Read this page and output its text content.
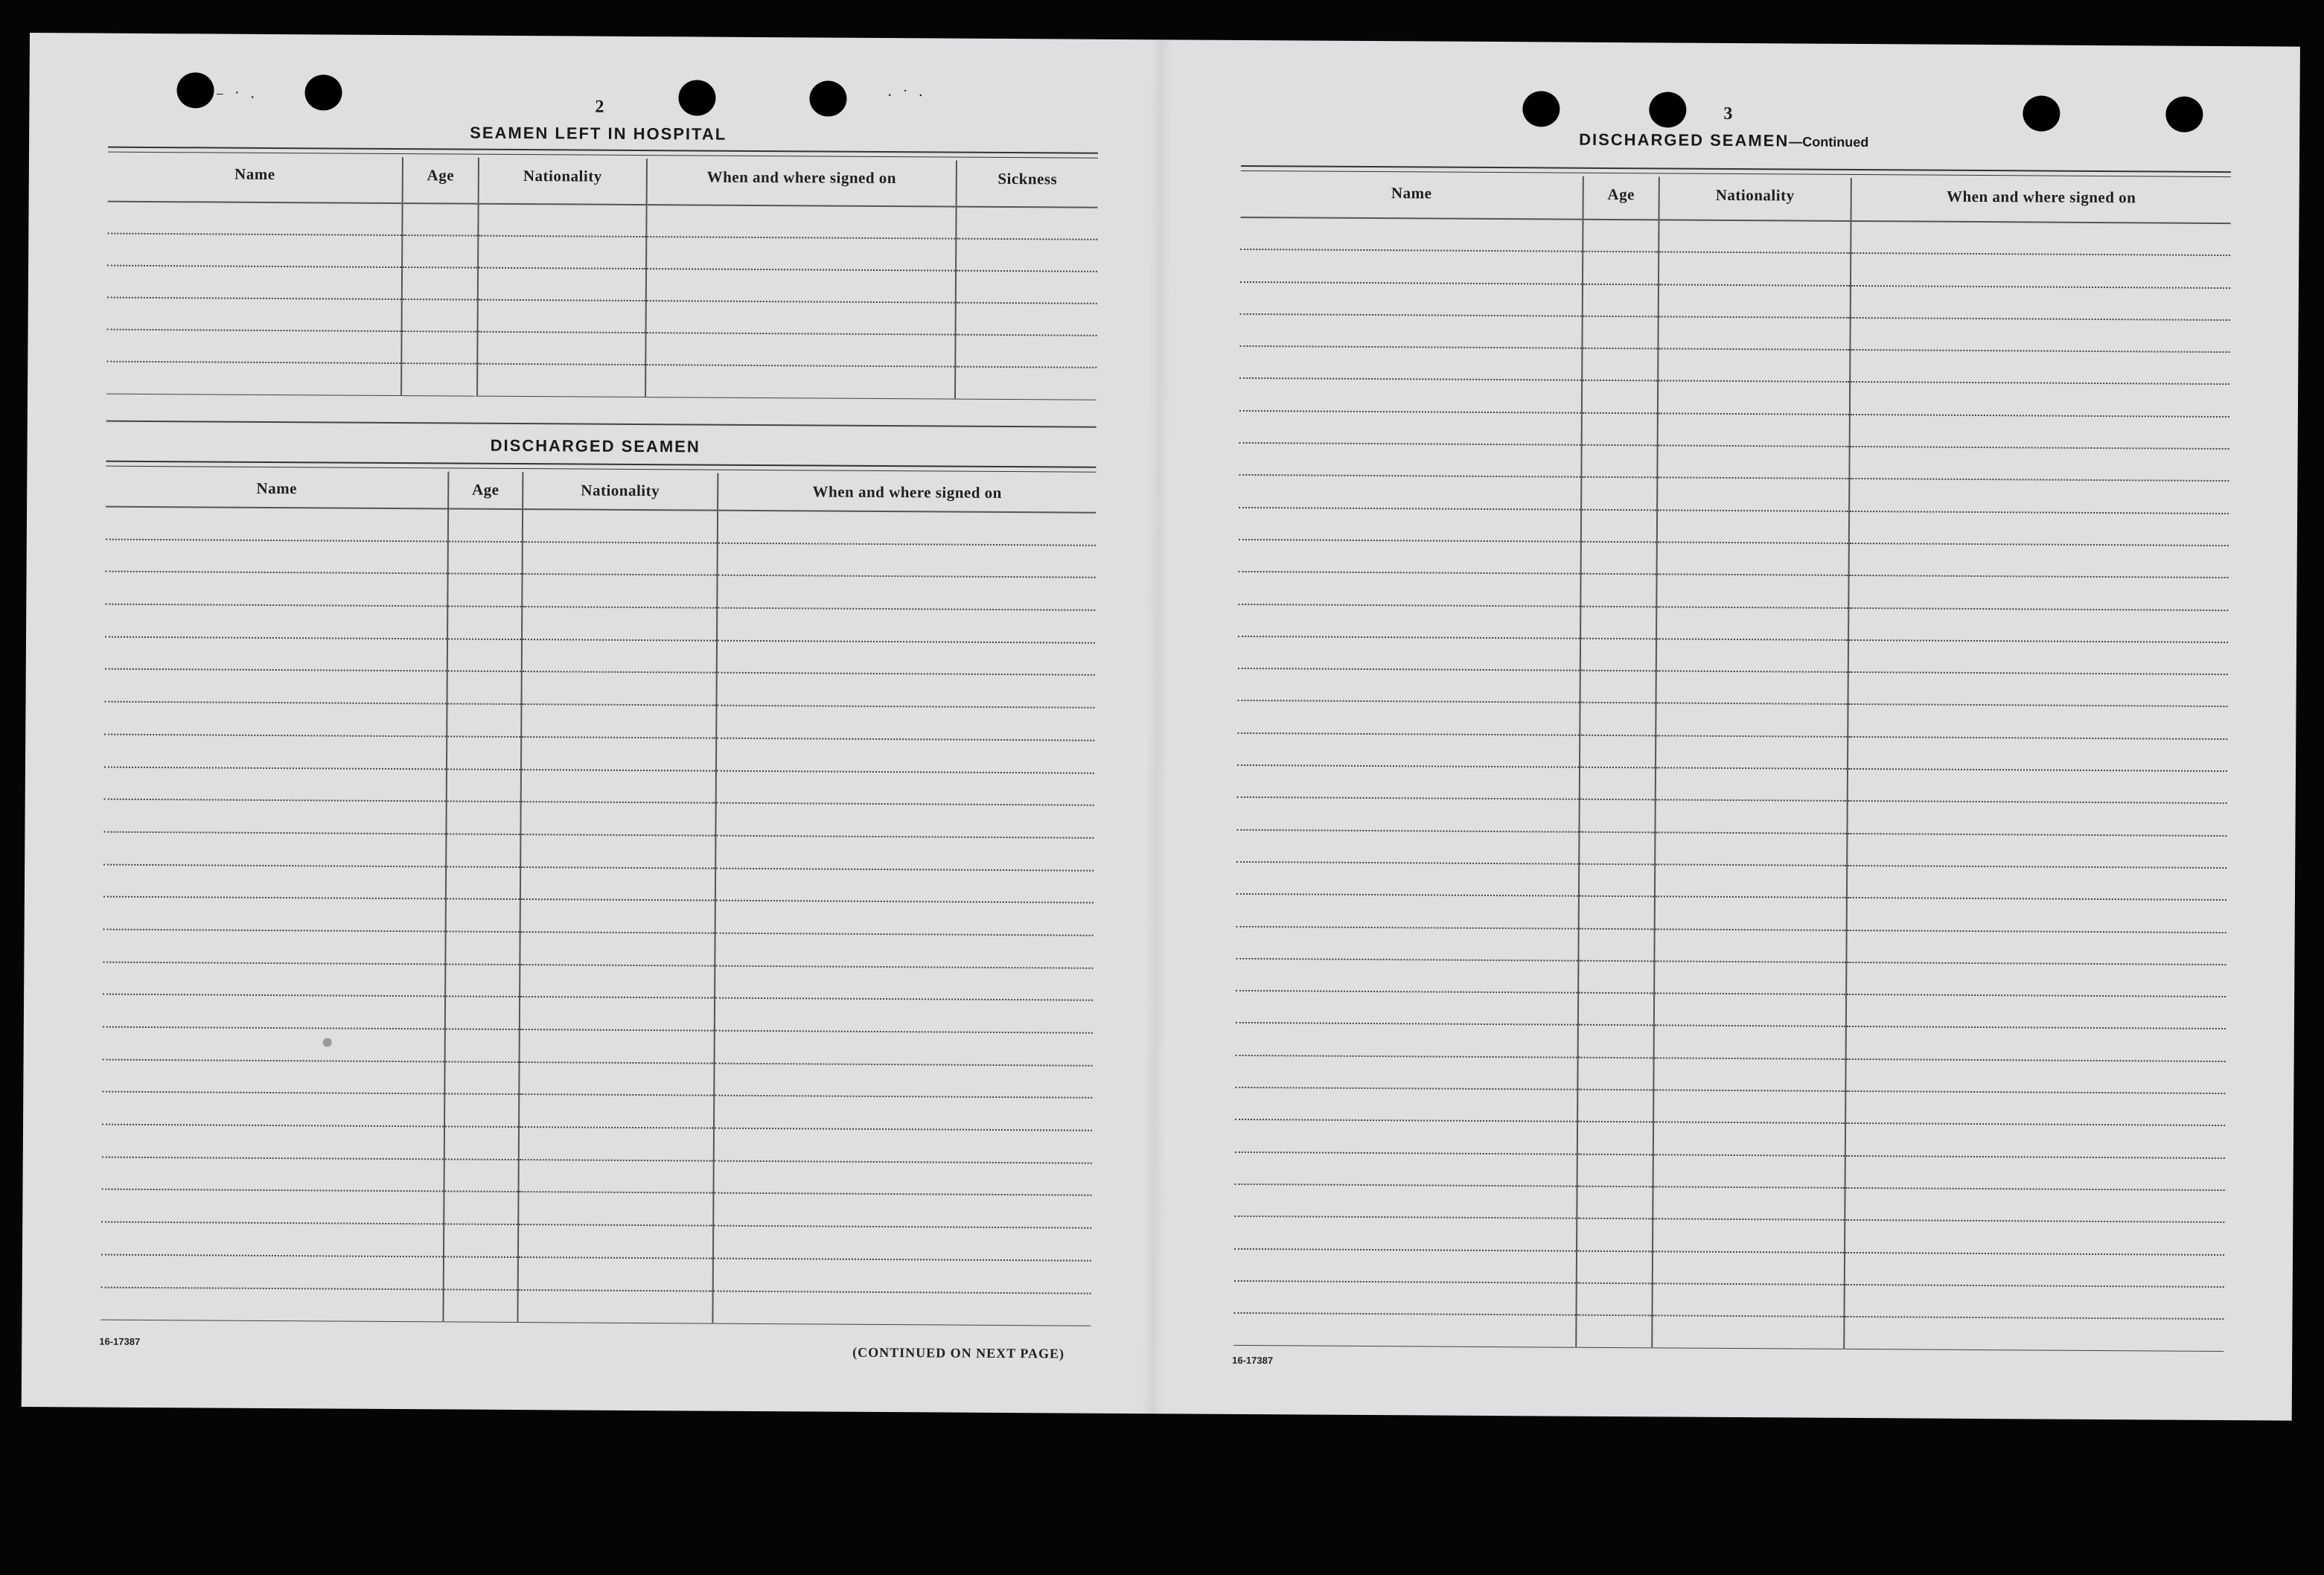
⁻ ˙ ·	· ˙ ·
2
SEAMEN LEFT IN HOSPITAL
Name	Age	Nationality	When and where signed on	Sickness

DISCHARGED SEAMEN
Name	Age	Nationality	When and where signed on

16-17387
(CONTINUED ON NEXT PAGE)
3
DISCHARGED SEAMEN—Continued
Name	Age	Nationality	When and where signed on

16-17387
